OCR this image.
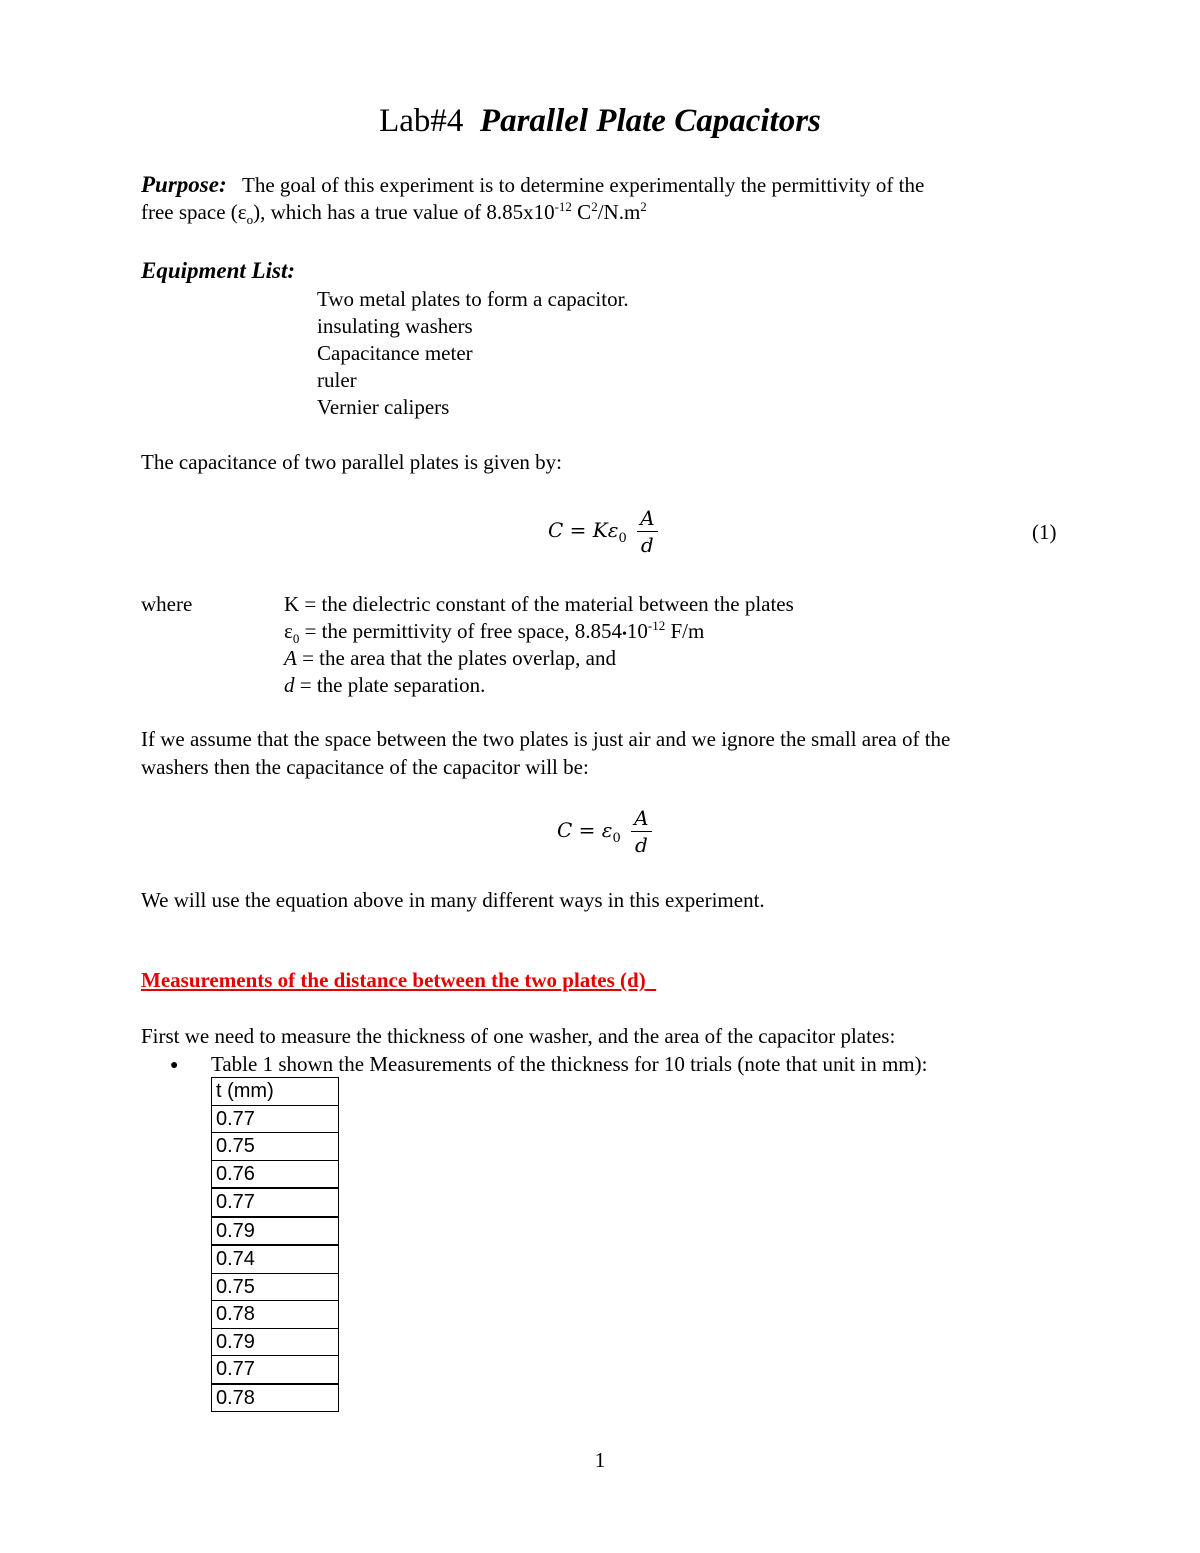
Lab#4 Parallel Plate Capacitors
Purpose: The goal of this experiment is to determine experimentally the permittivity of the
free space $(\varepsilon_o)$, which has a true value of $8.85x10^{-12}$ $C^2/N.m^2$
Equipment List:
Two metal plates to form a capacitor.
insulating washers
Capacitance meter
ruler
Vernier calipers
The capacitance of two parallel plates is given by:
$C = K\varepsilon_0 \frac{A}{d}$	(1)
where	K = the dielectric constant of the material between the plates
$\varepsilon_0$ = the permittivity of free space, $8.854•10^{-12}$ F/m
A = the area that the plates overlap, and
d = the plate separation.
If we assume that the space between the two plates is just air and we ignore the small area of the
washers then the capacitance of the capacitor will be:
$C = \varepsilon_0 \frac{A}{d}$
We will use the equation above in many different ways in this experiment.
Measurements of the distance between the two plates (d)
First we need to measure the thickness of one washer, and the area of the capacitor plates:
● Table 1 shown the Measurements of the thickness for 10 trials (note that unit in mm):
t (mm)
0.77
0.75
0.76
0.77
0.79
0.74
0.75
0.78
0.79
0.77
0.78
1
